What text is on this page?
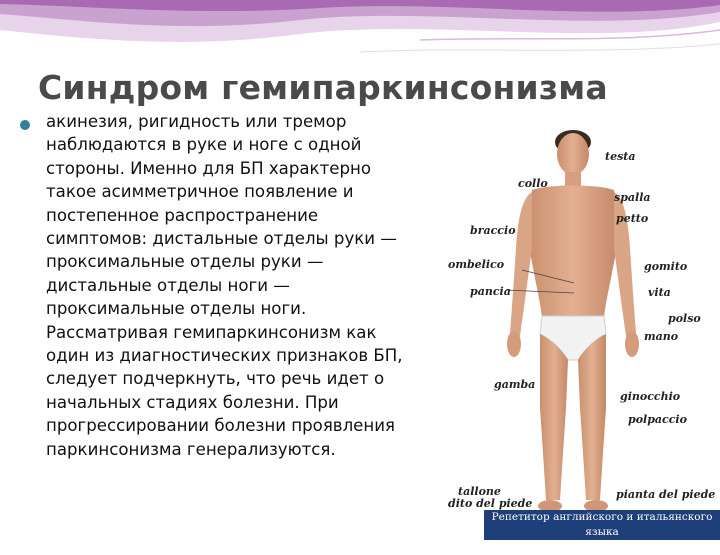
Синдром гемипаркинсонизма
акинезия, ригидность или тремор наблюдаются в руке и ноге с одной стороны. Именно для БП характерно такое асимметричное появление и постепенное распространение симптомов: дистальные отделы руки — проксимальные отделы руки — дистальные отделы ноги — проксимальные отделы ноги. Рассматривая гемипаркинсонизм как один из диагностических признаков БП, следует подчеркнуть, что речь идет о начальных стадиях болезни. При прогрессировании болезни проявления паркинсонизма генерализуются.
testa
collo
spalla
petto
braccio
ombelico	gomito
pancia	vita
polso
mano
gamba
ginocchio
polpaccio
tallone
dito del piede
pianta del piede
Репетитор английского и итальянского языка
www.linterprete.ru
